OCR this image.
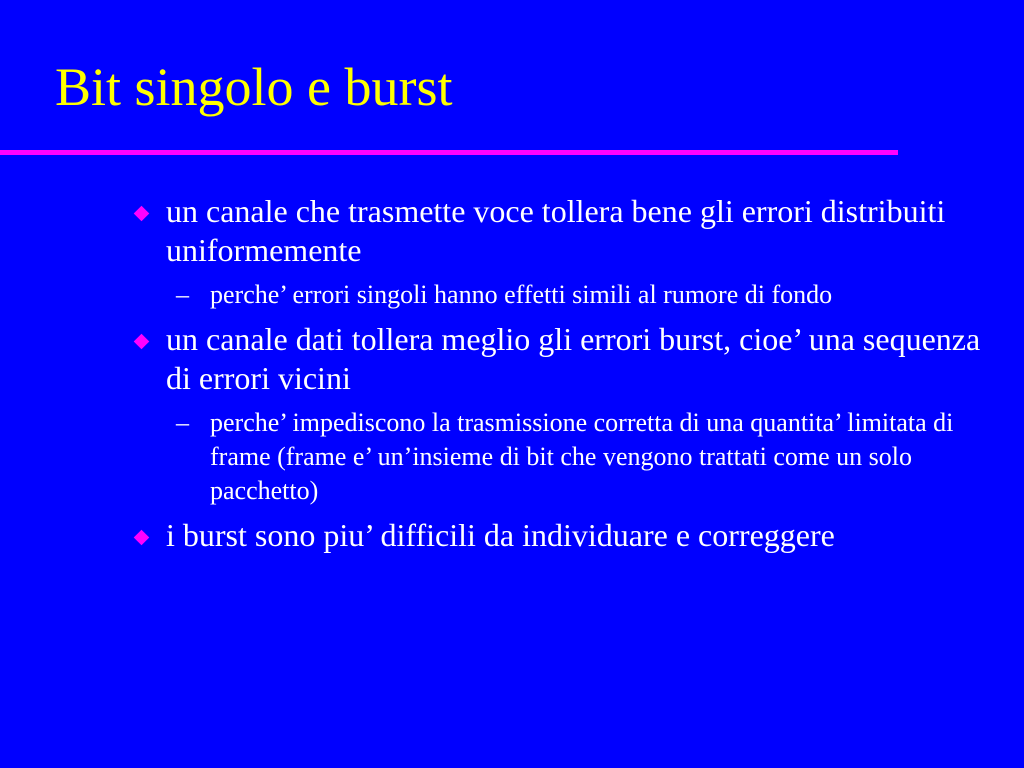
Bit singolo e burst
un canale che trasmette voce tollera bene gli errori distribuiti uniformemente
– perche’ errori singoli hanno effetti simili al rumore di fondo
un canale dati tollera meglio gli errori burst, cioe’ una sequenza di errori vicini
– perche’ impediscono la trasmissione corretta di una quantita’ limitata di frame (frame e’ un’insieme di bit che vengono trattati come un solo pacchetto)
i burst sono piu’ difficili da individuare e correggere
